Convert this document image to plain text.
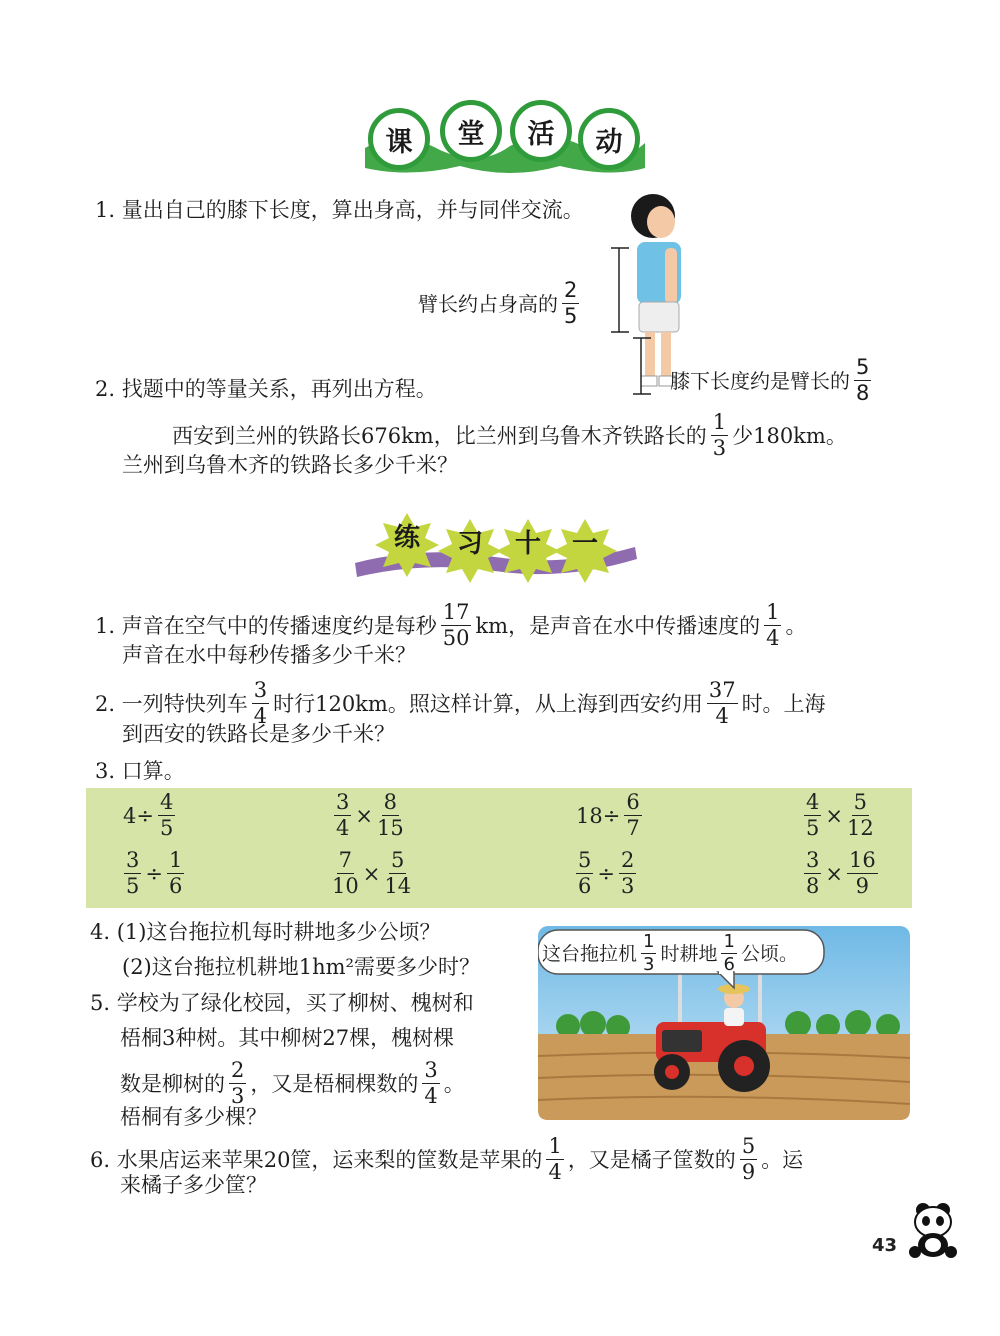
课	堂	活	动
1. 量出自己的膝下长度，算出身高，并与同伴交流。
臂长约占身高的 $\frac{2}{5}$
膝下长度约是臂长的 $\frac{5}{8}$
2. 找题中的等量关系，再列出方程。
西安到兰州的铁路长676km，比兰州到乌鲁木齐铁路长的 $\frac{1}{3}$ 少180km。
兰州到乌鲁木齐的铁路长多少千米？
练 习 十 一
1. 声音在空气中的传播速度约是每秒 $\frac{17}{50}$ km，是声音在水中传播速度的 $\frac{1}{4}$ 。
声音在水中每秒传播多少千米？
2. 一列特快列车 $\frac{3}{4}$ 时行120km。照这样计算，从上海到西安约用 $\frac{37}{4}$ 时。上海
到西安的铁路长是多少千米？
3. 口算。
$4 \div \frac{4}{5}$	$\frac{3}{4} \times \frac{8}{15}$	$18 \div \frac{6}{7}$	$\frac{4}{5} \times \frac{5}{12}$
$\frac{3}{5} \div \frac{1}{6}$	$\frac{7}{10} \times \frac{5}{14}$	$\frac{5}{6} \div \frac{2}{3}$	$\frac{3}{8} \times \frac{16}{9}$
4. (1)这台拖拉机每时耕地多少公顷？
(2)这台拖拉机耕地1hm²需要多少时？
这台拖拉机 $\frac{1}{3}$ 时耕地 $\frac{1}{6}$ 公顷。
5. 学校为了绿化校园，买了柳树、槐树和
梧桐3种树。其中柳树27棵，槐树棵
数是柳树的 $\frac{2}{3}$ ，又是梧桐棵数的 $\frac{3}{4}$ 。
梧桐有多少棵？
6. 水果店运来苹果20筐，运来梨的筐数是苹果的 $\frac{1}{4}$ ，又是橘子筐数的 $\frac{5}{9}$ 。运
来橘子多少筐？
43
